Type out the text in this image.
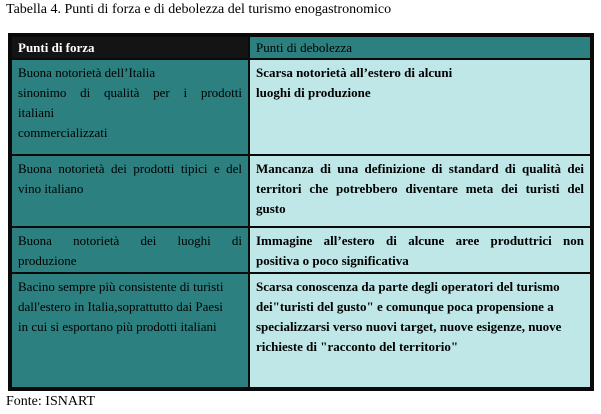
Tabella 4. Punti di forza e di debolezza del turismo enogastronomico
Punti di forza	Punti di debolezza
Buona notorietà dell’Italia
sinonimo di qualità per i prodotti
italiani
commercializzati
Scarsa notorietà all’estero di alcuni
luoghi di produzione
Buona notorietà dei prodotti tipici e del
vino italiano
Mancanza di una definizione di standard di qualità dei
territori che potrebbero diventare meta dei turisti del
gusto
Buona notorietà dei luoghi di
produzione
Immagine all’estero di alcune aree produttrici non
positiva o poco significativa
Bacino sempre più consistente di turisti
dall'estero in Italia,soprattutto dai Paesi
in cui si esportano più prodotti italiani
Scarsa conoscenza da parte degli operatori del turismo
dei"turisti del gusto" e comunque poca propensione a
specializzarsi verso nuovi target, nuove esigenze, nuove
richieste di "racconto del territorio"
Fonte: ISNART
